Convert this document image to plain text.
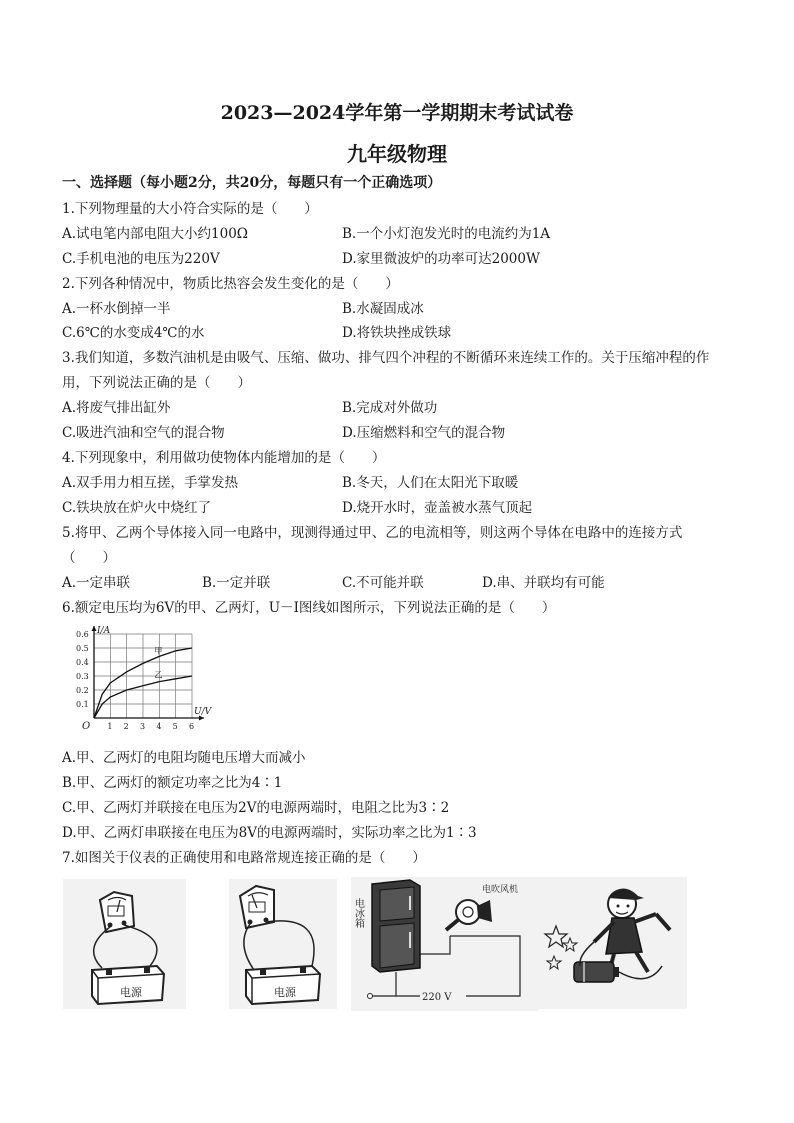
2023—2024学年第一学期期末考试试卷
九年级物理
一、选择题（每小题2分，共20分，每题只有一个正确选项）
1.下列物理量的大小符合实际的是（　　）
A.试电笔内部电阻大小约100Ω	B.一个小灯泡发光时的电流约为1A
C.手机电池的电压为220V	D.家里微波炉的功率可达2000W
2.下列各种情况中，物质比热容会发生变化的是（　　）
A.一杯水倒掉一半	B.水凝固成冰
C.6℃的水变成4℃的水	D.将铁块挫成铁球
3.我们知道，多数汽油机是由吸气、压缩、做功、排气四个冲程的不断循环来连续工作的。关于压缩冲程的作
用，下列说法正确的是（　　）
A.将废气排出缸外	B.完成对外做功
C.吸进汽油和空气的混合物	D.压缩燃料和空气的混合物
4.下列现象中，利用做功使物体内能增加的是（　　）
A.双手用力相互搓，手掌发热	B.冬天，人们在太阳光下取暖
C.铁块放在炉火中烧红了	D.烧开水时，壶盖被水蒸气顶起
5.将甲、乙两个导体接入同一电路中，现测得通过甲、乙的电流相等，则这两个导体在电路中的连接方式
（　　）
A.一定串联	B.一定并联	C.不可能并联	D.串、并联均有可能
6.额定电压均为6V的甲、乙两灯，U－I图线如图所示，下列说法正确的是（　　）
1 2 3 4 5 6
0.1
0.2
0.3
0.4
0.5
0.6 I/A
U/V
O
甲
乙
A.甲、乙两灯的电阻均随电压增大而减小
B.甲、乙两灯的额定功率之比为4∶1
C.甲、乙两灯并联接在电压为2V的电源两端时，电阻之比为3∶2
D.甲、乙两灯串联接在电压为8V的电源两端时，实际功率之比为1∶3
7.如图关于仪表的正确使用和电路常规连接正确的是（　　）
电源	电源
电冰箱
电吹风机
220 V
